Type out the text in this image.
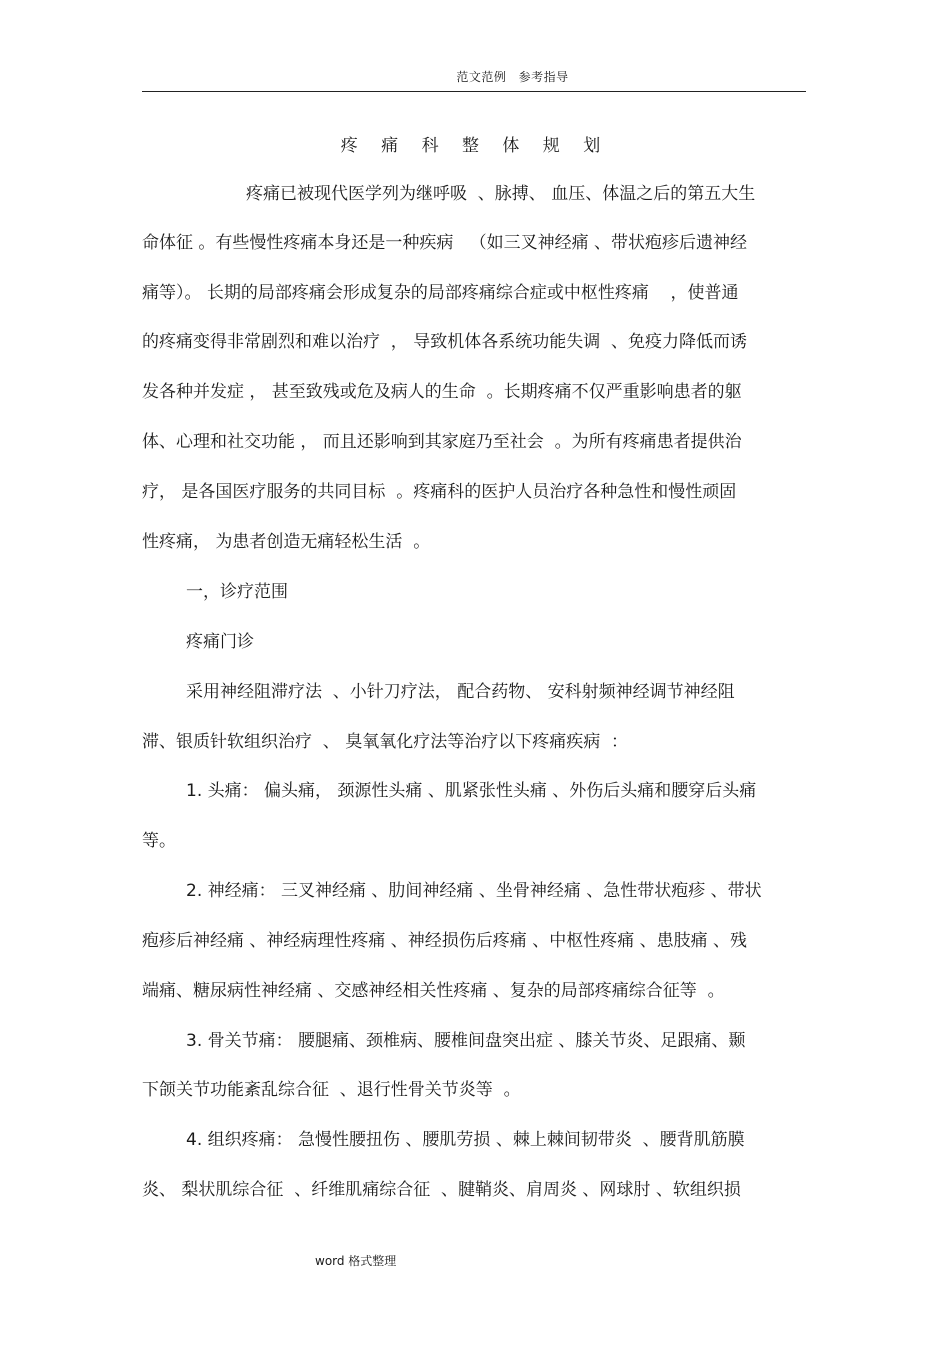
范文范例 参考指导
疼 痛 科 整 体 规 划
疼痛已被现代医学列为继呼吸  、脉搏、 血压、体温之后的第五大生
命体征 。有些慢性疼痛本身还是一种疾病   （如三叉神经痛 、带状疱疹后遗神经
痛等）。 长期的局部疼痛会形成复杂的局部疼痛综合症或中枢性疼痛    ，使普通
的疼痛变得非常剧烈和难以治疗  ， 导致机体各系统功能失调  、免疫力降低而诱
发各种并发症 ， 甚至致残或危及病人的生命  。长期疼痛不仅严重影响患者的躯
体、心理和社交功能 ， 而且还影响到其家庭乃至社会  。为所有疼痛患者提供治
疗， 是各国医疗服务的共同目标  。疼痛科的医护人员治疗各种急性和慢性顽固
性疼痛， 为患者创造无痛轻松生活  。
一，诊疗范围
疼痛门诊
采用神经阻滞疗法  、小针刀疗法， 配合药物、 安科射频神经调节神经阻
滞、银质针软组织治疗  、 臭氧氧化疗法等治疗以下疼痛疾病  ：
1. 头痛： 偏头痛， 颈源性头痛 、肌紧张性头痛 、外伤后头痛和腰穿后头痛
等。
2. 神经痛： 三叉神经痛 、肋间神经痛 、坐骨神经痛 、急性带状疱疹 、带状
疱疹后神经痛 、神经病理性疼痛 、神经损伤后疼痛 、中枢性疼痛 、患肢痛 、残
端痛、糖尿病性神经痛 、交感神经相关性疼痛 、复杂的局部疼痛综合征等  。
3. 骨关节痛： 腰腿痛、颈椎病、腰椎间盘突出症 、膝关节炎、足跟痛、颞
下颌关节功能紊乱综合征  、退行性骨关节炎等  。
4. 组织疼痛： 急慢性腰扭伤 、腰肌劳损 、棘上棘间韧带炎  、腰背肌筋膜
炎、 梨状肌综合征  、纤维肌痛综合征  、腱鞘炎、肩周炎 、网球肘 、软组织损
word 格式整理
